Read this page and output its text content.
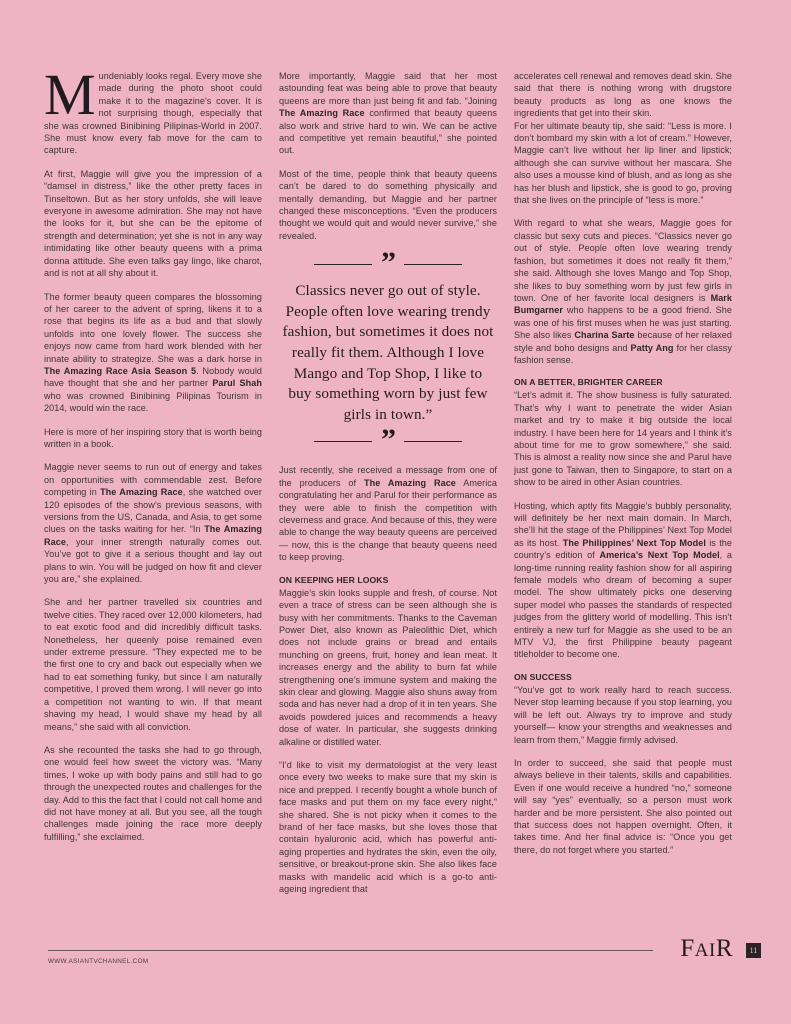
Mundeniably looks regal. Every move she made during the photo shoot could make it to the magazine's cover. It is not surprising though, especially that she was crowned Binibining Pilipinas-World in 2007. She must know every fab move for the cam to capture.

At first, Maggie will give you the impression of a “damsel in distress,” like the other pretty faces in Tinseltown. But as her story unfolds, she will leave everyone in awesome admiration. She may not have the looks for it, but she can be the epitome of strength and determination; yet she is not in any way intimidating like other beauty queens with a prima donna attitude. She even talks gay lingo, like charot, and is not at all shy about it.

The former beauty queen compares the blossoming of her career to the advent of spring, likens it to a rose that begins its life as a bud and that slowly unfolds into one lovely flower. The success she enjoys now came from hard work blended with her innate ability to strategize. She was a dark horse in The Amazing Race Asia Season 5. Nobody would have thought that she and her partner Parul Shah who was crowned Binibining Pilipinas Tourism in 2014, would win the race.

Here is more of her inspiring story that is worth being written in a book.

Maggie never seems to run out of energy and takes on opportunities with commendable zest. Before competing in The Amazing Race, she watched over 120 episodes of the show’s previous seasons, with versions from the US, Canada, and Asia, to get some clues on the tasks waiting for her. “In The Amazing Race, your inner strength naturally comes out. You’ve got to give it a serious thought and lay out plans to win. You will be judged on how fit and clever you are,” she explained.

She and her partner travelled six countries and twelve cities. They raced over 12,000 kilometers, had to eat exotic food and did incredibly difficult tasks. Nonetheless, her queenly poise remained even under extreme pressure. “They expected me to be the first one to cry and back out especially when we had to eat something funky, but since I am naturally competitive, I proved them wrong. I will never go into a competition not wanting to win. If that meant shaving my head, I would shave my head by all means,” she said with all conviction.

As she recounted the tasks she had to go through, one would feel how sweet the victory was. “Many times, I woke up with body pains and still had to go through the unexpected routes and challenges for the day. Add to this the fact that I could not call home and did not have money at all. But you see, all the tough challenges made joining the race more deeply fulfilling,” she exclaimed.

More importantly, Maggie said that her most astounding feat was being able to prove that beauty queens are more than just being fit and fab. “Joining The Amazing Race confirmed that beauty queens also work and strive hard to win. We can be active and competitive yet remain beautiful,” she pointed out.

Most of the time, people think that beauty queens can’t be dared to do something physically and mentally demanding, but Maggie and her partner changed these misconceptions. “Even the producers thought we would quit and would never survive,” she revealed.

”
Classics never go out of style. People often love wearing trendy fashion, but sometimes it does not really fit them. Although I love Mango and Top Shop, I like to buy something worn by just few girls in town.”
”

Just recently, she received a message from one of the producers of The Amazing Race America congratulating her and Parul for their performance as they were able to finish the competition with cleverness and grace. And because of this, they were able to change the way beauty queens are perceived— now, this is the change that beauty queens need to keep proving.

ON KEEPING HER LOOKS

Maggie’s skin looks supple and fresh, of course. Not even a trace of stress can be seen although she is busy with her commitments. Thanks to the Caveman Power Diet, also known as Paleolithic Diet, which does not include grains or bread and entails munching on greens, fruit, honey and lean meat. It increases energy and the ability to burn fat while strengthening one’s immune system and making the skin clear and glowing. Maggie also shuns away from soda and has never had a drop of it in ten years. She avoids powdered juices and recommends a heavy dose of water. In particular, she suggests drinking alkaline or distilled water.

“I’d like to visit my dermatologist at the very least once every two weeks to make sure that my skin is nice and prepped. I recently bought a whole bunch of face masks and put them on my face every night,” she shared. She is not picky when it comes to the brand of her face masks, but she loves those that contain hyaluronic acid, which has powerful anti-aging properties and hydrates the skin, even the oily, sensitive, or breakout-prone skin. She also likes face masks with mandelic acid which is a go-to anti-ageing ingredient that

accelerates cell renewal and removes dead skin. She said that there is nothing wrong with drugstore beauty products as long as one knows the ingredients that get into their skin.

For her ultimate beauty tip, she said: “Less is more. I don’t bombard my skin with a lot of cream.” However, Maggie can’t live without her lip liner and lipstick; although she can survive without her mascara. She also uses a mousse kind of blush, and as long as she has her blush and lipstick, she is good to go, proving that she lives on the principle of “less is more.”

With regard to what she wears, Maggie goes for classic but sexy cuts and pieces. “Classics never go out of style. People often love wearing trendy fashion, but sometimes it does not really fit them,” she said. Although she loves Mango and Top Shop, she likes to buy something worn by just few girls in town. One of her favorite local designers is Mark Bumgarner who happens to be a good friend. She was one of his first muses when he was just starting. She also likes Charina Sarte because of her relaxed style and boho designs and Patty Ang for her classy fashion sense.

ON A BETTER, BRIGHTER CAREER

“Let’s admit it. The show business is fully saturated. That’s why I want to penetrate the wider Asian market and try to make it big outside the local industry. I have been here for 14 years and I think it’s about time for me to grow somewhere,” she said. This is almost a reality now since she and Parul have just gone to Taiwan, then to Singapore, to start on a show to be aired in other Asian countries.

Hosting, which aptly fits Maggie’s bubbly personality, will definitely be her next main domain. In March, she’ll hit the stage of the Philippines’ Next Top Model as its host. The Philippines’ Next Top Model is the country’s edition of America’s Next Top Model, a long-time running reality fashion show for all aspiring female models who dream of becoming a super model. The show ultimately picks one deserving super model who passes the standards of respected judges from the glittery world of modelling. This isn’t entirely a new turf for Maggie as she used to be an MTV VJ, the first Philippine beauty pageant titleholder to become one.

ON SUCCESS

“You’ve got to work really hard to reach success. Never stop learning because if you stop learning, you will be left out. Always try to improve and study yourself— know your strengths and weaknesses and learn from them,” Maggie firmly advised.

In order to succeed, she said that people must always believe in their talents, skills and capabilities. Even if one would receive a hundred “no,” someone will say “yes” eventually, so a person must work harder and be more persistent. She also pointed out that success does not happen overnight. Often, it takes time. And her final advice is: “Once you get there, do not forget where you started.”

WWW.ASIANTVCHANNEL.COM	FAIR	11
